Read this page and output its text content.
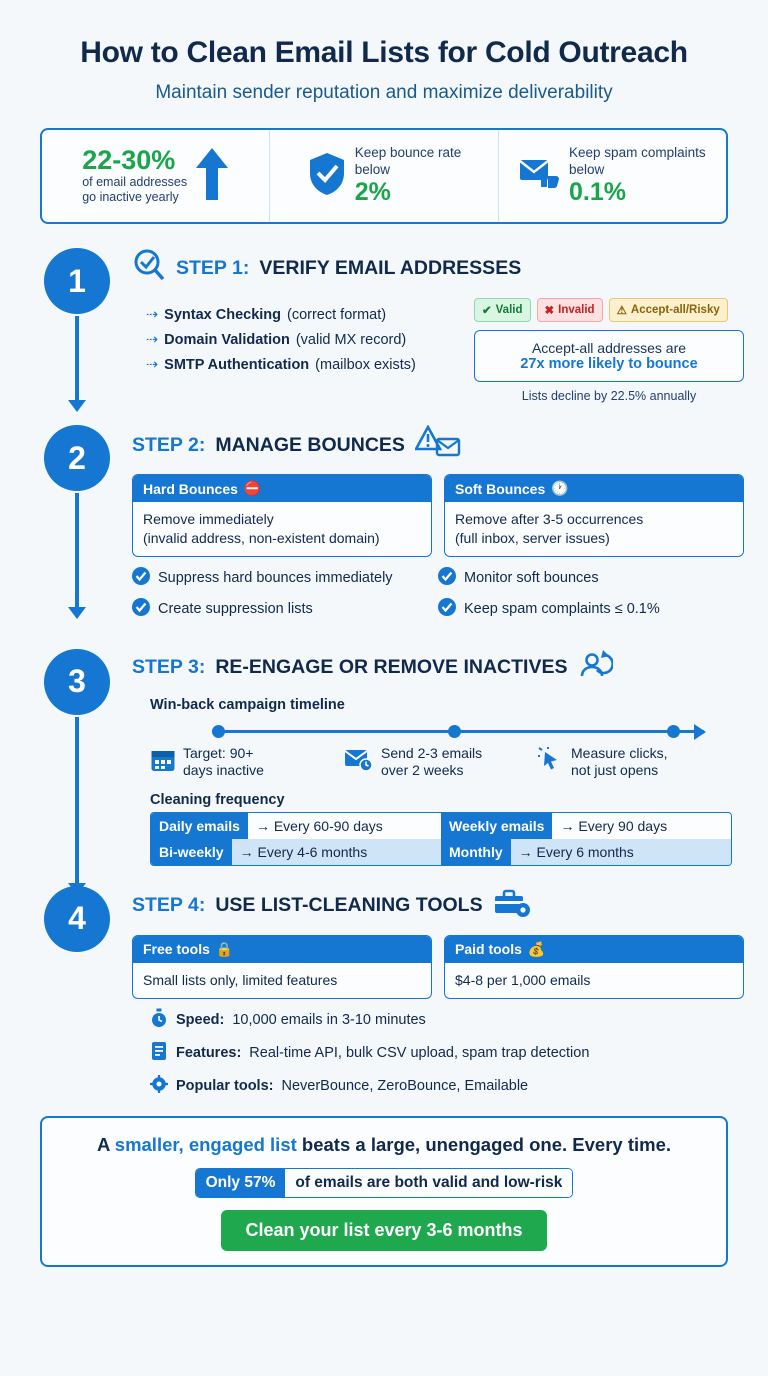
How to Clean Email Lists for Cold Outreach
Maintain sender reputation and maximize deliverability
22-30%
of email addresses
go inactive yearly
Keep bounce rate
below
2%
Keep spam complaints
below
0.1%
1	STEP 1: VERIFY EMAIL ADDRESSES
⇢ Syntax Checking (correct format)
⇢ Domain Validation (valid MX record)
⇢ SMTP Authentication (mailbox exists)
✔ Valid ✖ Invalid ⚠ Accept-all/Risky
Accept-all addresses are
27x more likely to bounce
Lists decline by 22.5% annually
2	STEP 2: MANAGE BOUNCES
Hard Bounces ⛔
Remove immediately
(invalid address, non-existent domain)
Soft Bounces 🕐
Remove after 3-5 occurrences
(full inbox, server issues)
Suppress hard bounces immediately
Create suppression lists
Monitor soft bounces
Keep spam complaints ≤ 0.1%
3	STEP 3: RE-ENGAGE OR REMOVE INACTIVES
Win-back campaign timeline
Target: 90+
days inactive
Send 2-3 emails
over 2 weeks
Measure clicks,
not just opens
Cleaning frequency
Daily emails	→ Every 60-90 days	Weekly emails	→ Every 90 days
Bi-weekly	→ Every 4-6 months	Monthly	→ Every 6 months
4	STEP 4: USE LIST-CLEANING TOOLS
Free tools 🔒
Small lists only, limited features
Paid tools 💰
$4-8 per 1,000 emails
Speed: 10,000 emails in 3-10 minutes
Features: Real-time API, bulk CSV upload, spam trap detection
Popular tools: NeverBounce, ZeroBounce, Emailable
A smaller, engaged list beats a large, unengaged one. Every time.
Only 57%	of emails are both valid and low-risk
Clean your list every 3-6 months
